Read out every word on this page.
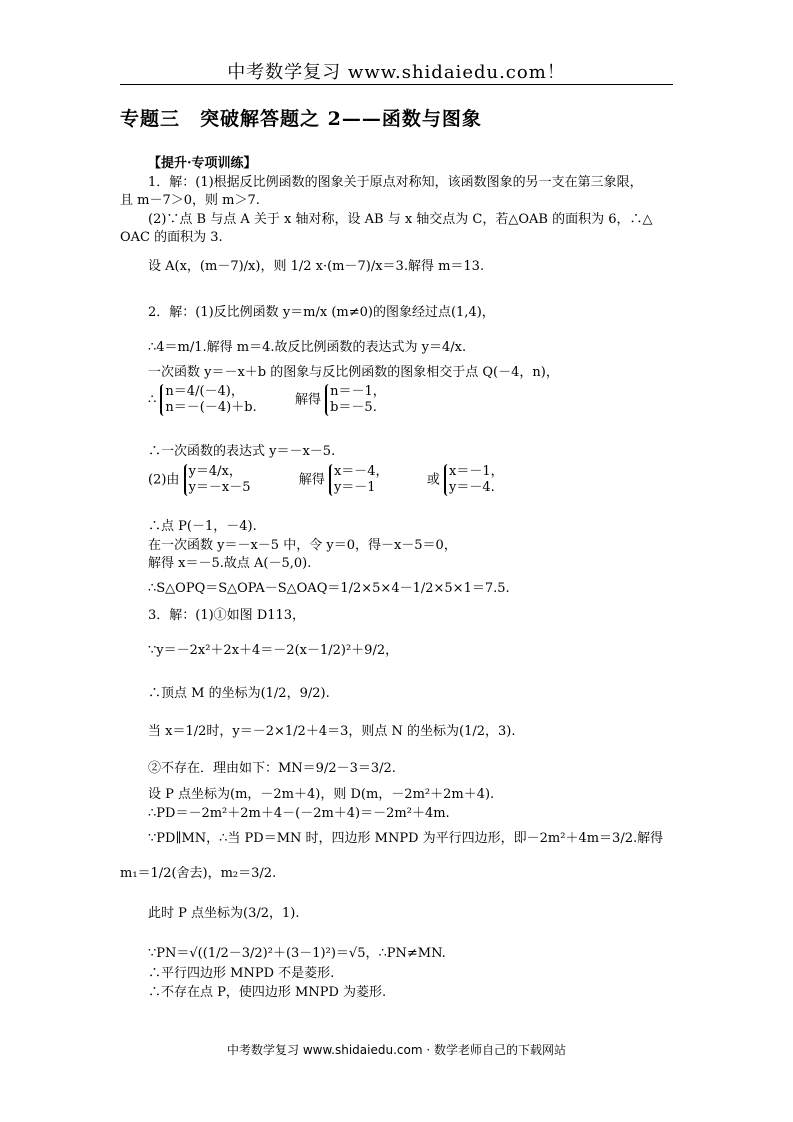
中考数学复习 www.shidaiedu.com！
专题三　突破解答题之 2——函数与图象
【提升·专项训练】
1．解：(1)根据反比例函数的图象关于原点对称知，该函数图象的另一支在第三象限，
且 m－7＞0，则 m＞7.
(2)∵点 B 与点 A 关于 x 轴对称，设 AB 与 x 轴交点为 C，若△OAB 的面积为 6，∴△
OAC 的面积为 3.
设 A(x，(m－7)/x)，则 1/2 x·(m－7)/x＝3.解得 m＝13.
2．解：(1)反比例函数 y＝m/x (m≠0)的图象经过点(1,4)，
∴4＝m/1.解得 m＝4.故反比例函数的表达式为 y＝4/x.
一次函数 y＝－x＋b 的图象与反比例函数的图象相交于点 Q(－4，n)，
∴
n＝4/(－4)，
n＝－(－4)＋b.	解得
n＝－1，
b＝－5.
∴一次函数的表达式 y＝－x－5.
(2)由
y＝4/x，
y＝－x－5	解得
x＝－4，
y＝－1	或
x＝－1，
y＝－4.
∴点 P(－1，－4).
在一次函数 y＝－x－5 中，令 y＝0，得－x－5＝0，
解得 x＝－5.故点 A(－5,0).
∴S△OPQ＝S△OPA－S△OAQ＝1/2×5×4－1/2×5×1＝7.5.
3．解：(1)①如图 D113，
∵y＝－2x²＋2x＋4＝－2(x－1/2)²＋9/2，
∴顶点 M 的坐标为(1/2，9/2).
当 x＝1/2时，y＝－2×1/2＋4＝3，则点 N 的坐标为(1/2，3).
②不存在．理由如下：MN＝9/2－3＝3/2.
设 P 点坐标为(m，－2m＋4)，则 D(m，－2m²＋2m＋4).
∴PD＝－2m²＋2m＋4－(－2m＋4)＝－2m²＋4m.
∵PD∥MN，∴当 PD＝MN 时，四边形 MNPD 为平行四边形，即－2m²＋4m＝3/2.解得
m₁＝1/2(舍去)，m₂＝3/2.
此时 P 点坐标为(3/2，1).
∵PN＝√((1/2－3/2)²＋(3－1)²)＝√5，∴PN≠MN.
∴平行四边形 MNPD 不是菱形.
∴不存在点 P，使四边形 MNPD 为菱形.
中考数学复习 www.shidaiedu.com · 数学老师自己的下载网站
